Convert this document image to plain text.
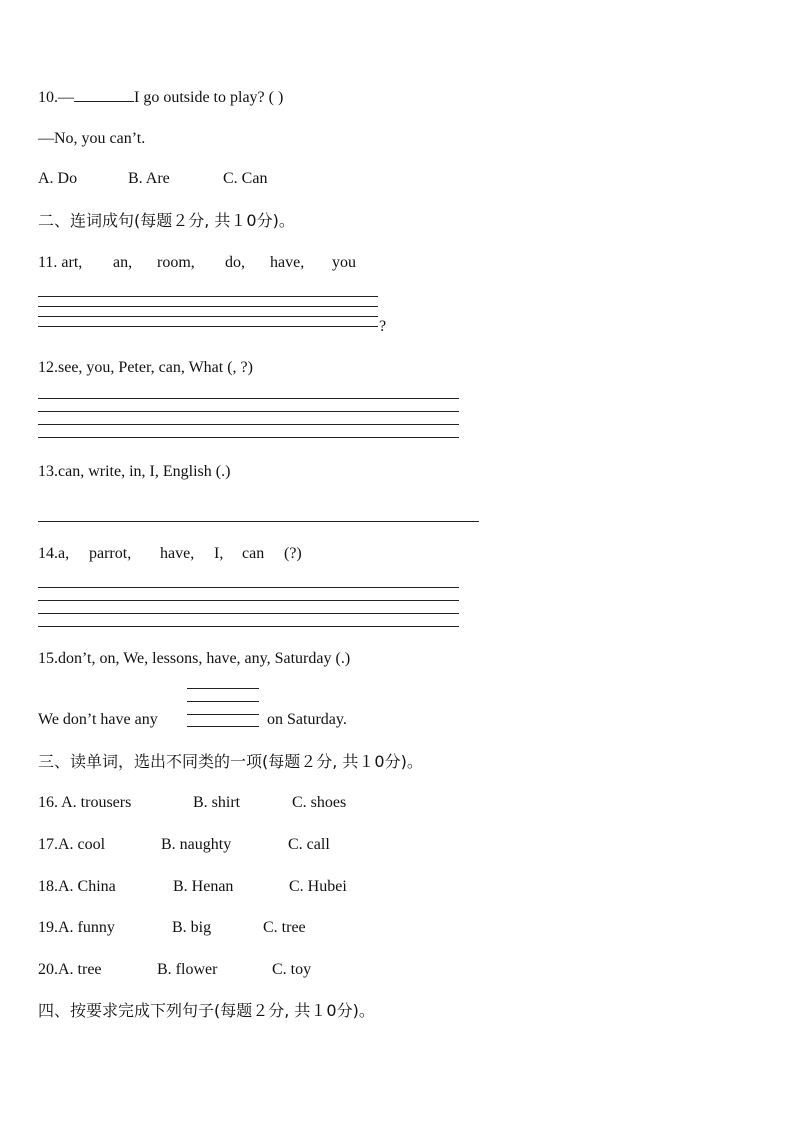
10.—	I go outside to play? ( )
—No, you can’t.
A. Do	B. Are	C. Can
二、连词成句(每题２分, 共１0分)。
11. art, an, room, do, have, you
?
12.see, you, Peter, can, What (, ?)
13.can, write, in, I, English (.)
14.a, parrot, have, I, can (?)
15.don’t, on, We, lessons, have, any, Saturday (.)
We don’t have any	on Saturday.
三、读单词，选出不同类的一项(每题２分, 共１0分)。
16. A. trousers	B. shirt	C. shoes
17.A. cool	B. naughty	C. call
18.A. China	B. Henan	C. Hubei
19.A. funny	B. big	C. tree
20.A. tree	B. flower	C. toy
四、按要求完成下列句子(每题２分, 共１0分)。
